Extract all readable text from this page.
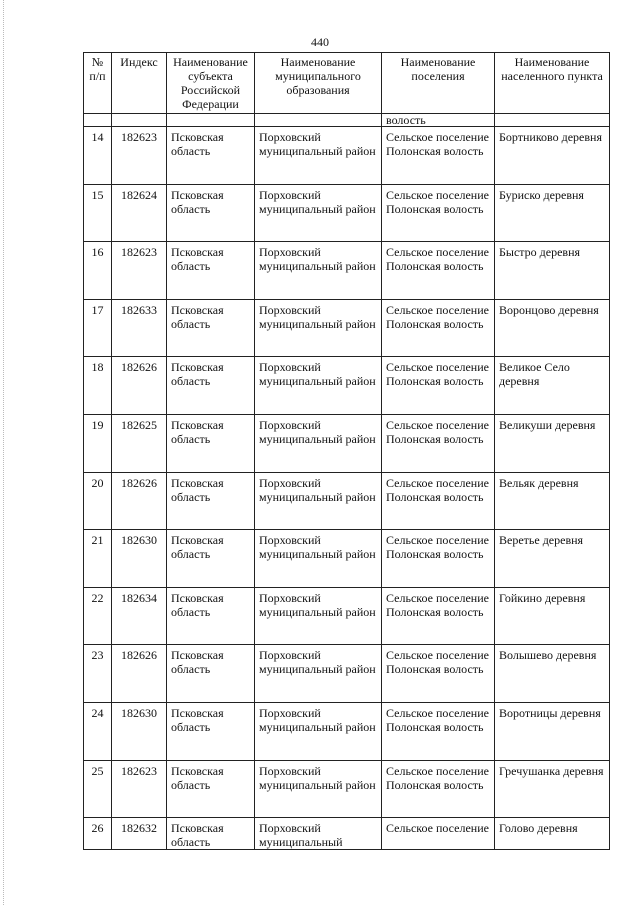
440
№ п/п	Индекс	Наименование субъекта Российской Федерации	Наименование муниципального образования	Наименование поселения	Наименование населенного пункта
				волость	
14	182623	Псковская область	Порховский муниципальный район	Сельское поселение Полонская волость	Бортниково деревня
15	182624	Псковская область	Порховский муниципальный район	Сельское поселение Полонская волость	Буриско деревня
16	182623	Псковская область	Порховский муниципальный район	Сельское поселение Полонская волость	Быстро деревня
17	182633	Псковская область	Порховский муниципальный район	Сельское поселение Полонская волость	Воронцово деревня
18	182626	Псковская область	Порховский муниципальный район	Сельское поселение Полонская волость	Великое Село деревня
19	182625	Псковская область	Порховский муниципальный район	Сельское поселение Полонская волость	Великуши деревня
20	182626	Псковская область	Порховский муниципальный район	Сельское поселение Полонская волость	Вельяк деревня
21	182630	Псковская область	Порховский муниципальный район	Сельское поселение Полонская волость	Веретье деревня
22	182634	Псковская область	Порховский муниципальный район	Сельское поселение Полонская волость	Гойкино деревня
23	182626	Псковская область	Порховский муниципальный район	Сельское поселение Полонская волость	Волышево деревня
24	182630	Псковская область	Порховский муниципальный район	Сельское поселение Полонская волость	Воротницы деревня
25	182623	Псковская область	Порховский муниципальный район	Сельское поселение Полонская волость	Гречушанка деревня
26	182632	Псковская область	Порховский муниципальный	Сельское поселение	Голово деревня
